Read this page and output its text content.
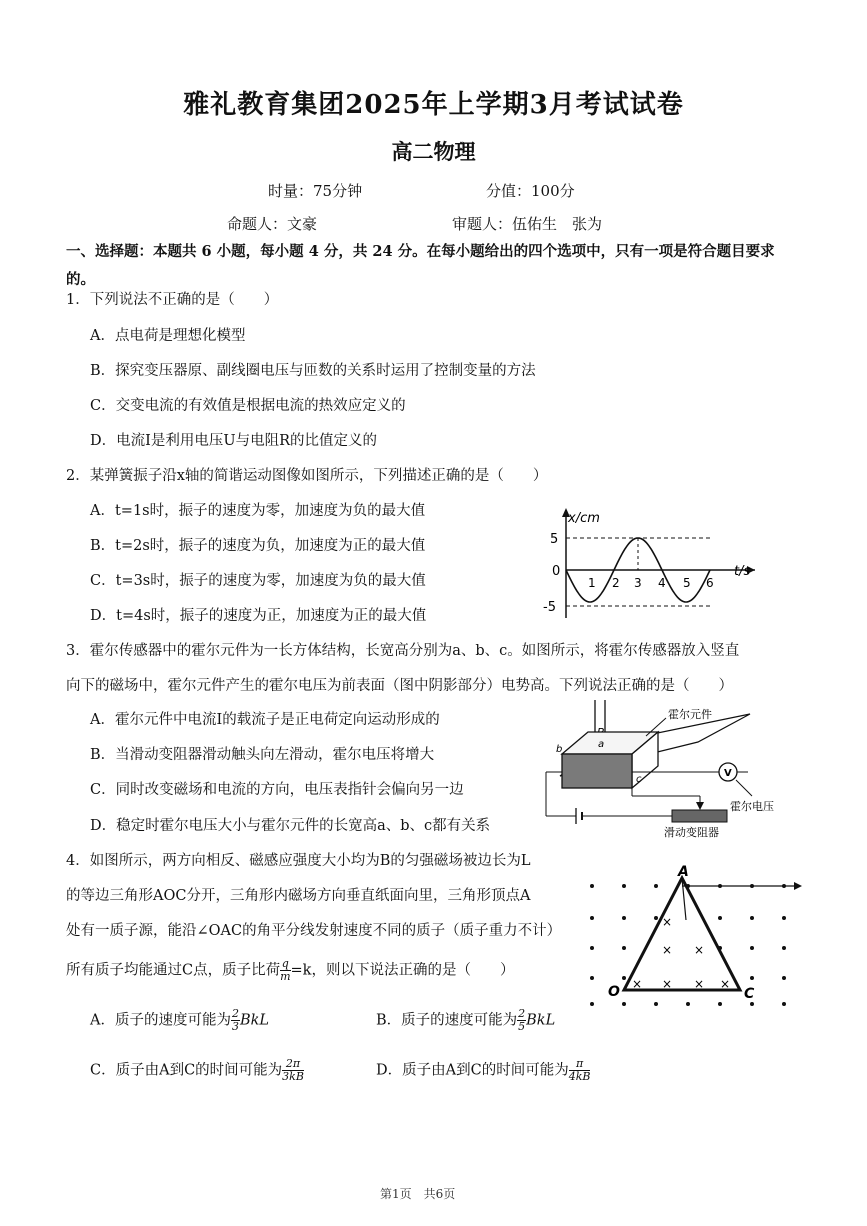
雅礼教育集团2025年上学期3月考试试卷
高二物理
时量：75分钟	分值：100分
命题人：文豪	审题人：伍佑生　张为
一、选择题：本题共 6 小题，每小题 4 分，共 24 分。在每小题给出的四个选项中，只有一项是符合题目要求的。
1．下列说法不正确的是（　　）
A．点电荷是理想化模型
B．探究变压器原、副线圈电压与匝数的关系时运用了控制变量的方法
C．交变电流的有效值是根据电流的热效应定义的
D．电流I是利用电压U与电阻R的比值定义的
2．某弹簧振子沿x轴的简谐运动图像如图所示，下列描述正确的是（　　）
A．t=1s时，振子的速度为零，加速度为负的最大值
B．t=2s时，振子的速度为负，加速度为正的最大值
C．t=3s时，振子的速度为零，加速度为负的最大值
D．t=4s时，振子的速度为正，加速度为正的最大值
x/cm
t/s
5
0
-5
1 2 3 4 5 6
3．霍尔传感器中的霍尔元件为一长方体结构，长宽高分别为a、b、c。如图所示，将霍尔传感器放入竖直
向下的磁场中，霍尔元件产生的霍尔电压为前表面（图中阴影部分）电势高。下列说法正确的是（　　）
A．霍尔元件中电流I的载流子是正电荷定向运动形成的
B．当滑动变阻器滑动触头向左滑动，霍尔电压将增大
C．同时改变磁场和电流的方向，电压表指针会偏向另一边
D．稳定时霍尔电压大小与霍尔元件的长宽高a、b、c都有关系
b	a
c
霍尔元件
V
霍尔电压
滑动变阻器
4．如图所示，两方向相反、磁感应强度大小均为B的匀强磁场被边长为L
的等边三角形AOC分开，三角形内磁场方向垂直纸面向里，三角形顶点A
处有一质子源，能沿∠OAC的角平分线发射速度不同的质子（质子重力不计）
所有质子均能通过C点，质子比荷 $\frac{q}{m} =k$，则以下说法正确的是（　　）
A．质子的速度可能为 $\frac{2}{3}$ BkL	B．质子的速度可能为 $\frac{2}{5}$ BkL
C．质子由A到C的时间可能为 $\frac{2\pi}{3kB}$	D．质子由A到C的时间可能为 $\frac{\pi}{4kB}$
×
× ×
× × × ×
A
O	C
第1页　共6页
